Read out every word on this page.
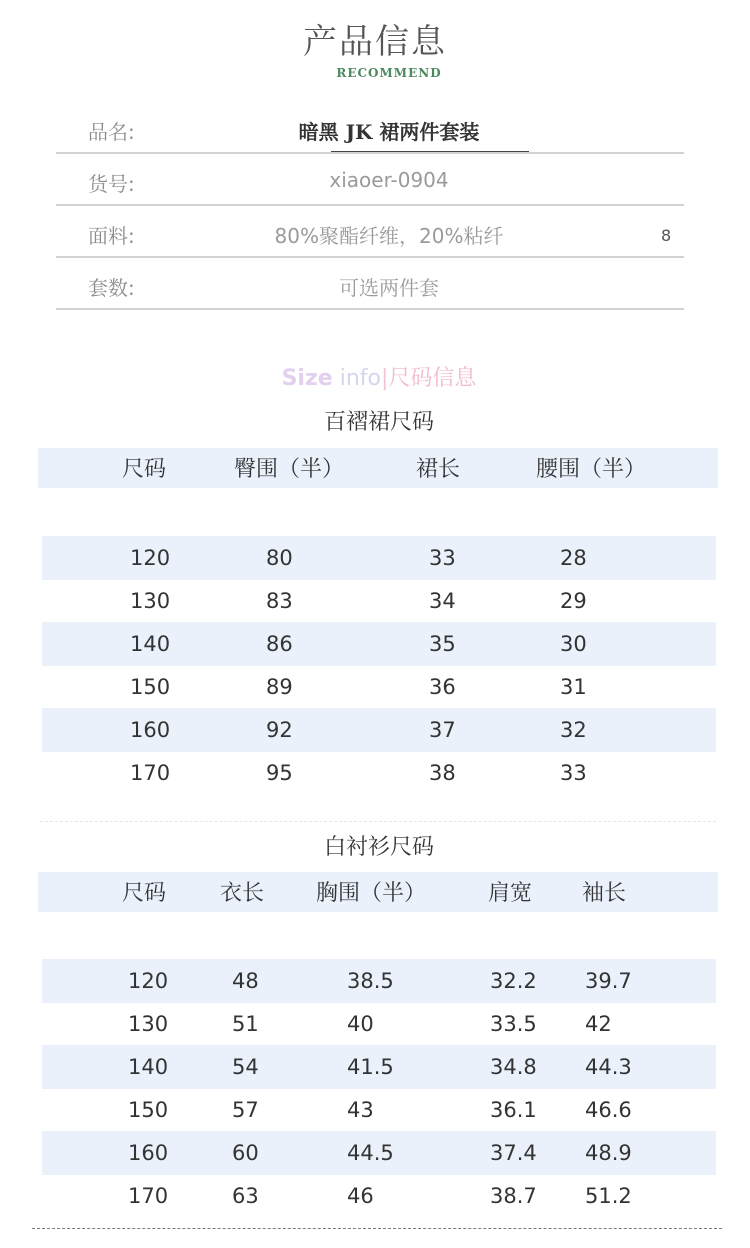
产品信息
RECOMMEND
品名:	暗黑 JK 裙两件套装
货号:	xiaoer-0904
面料:	80%聚酯纤维，20%粘纤
套数:	可选两件套
8
Size info|尺码信息
百褶裙尺码
尺码	臀围（半）	裙长	腰围（半）
120	80	33	28
130	83	34	29
140	86	35	30
150	89	36	31
160	92	37	32
170	95	38	33
白衬衫尺码
尺码 衣长 胸围（半）	肩宽 袖长
120	48	38.5	32.2 39.7
130	51	40	33.5 42
140	54	41.5	34.8 44.3
150	57	43	36.1 46.6
160	60	44.5	37.4 48.9
170	63	46	38.7 51.2
